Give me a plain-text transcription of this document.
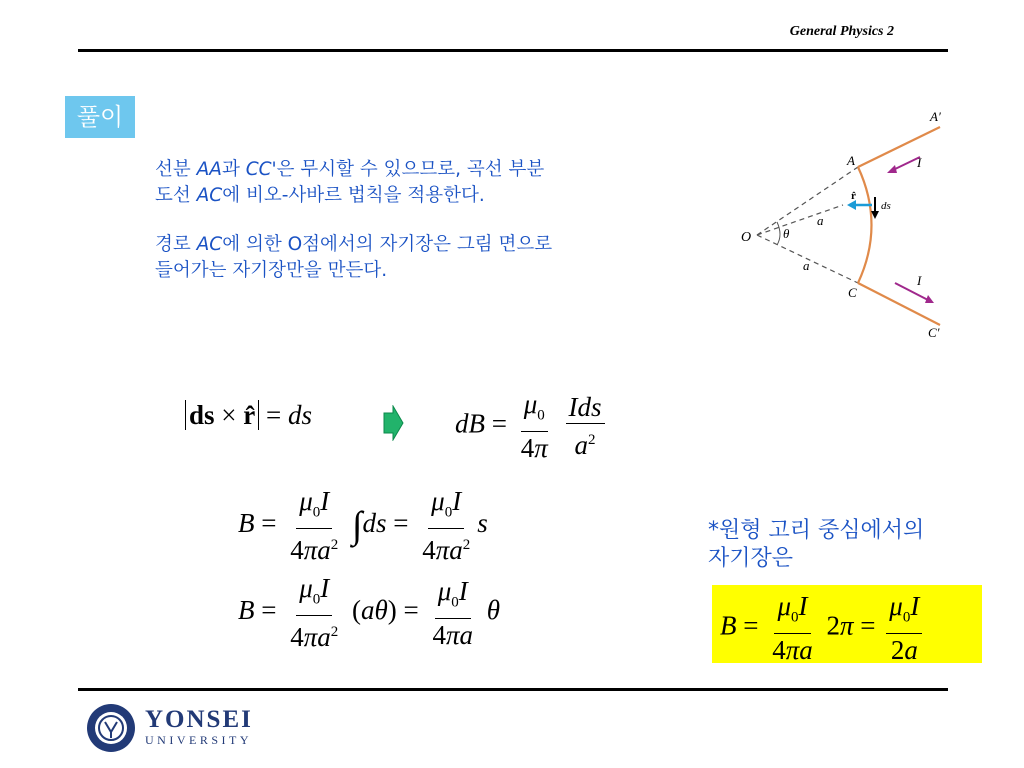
General Physics 2
풀이
선분 AA과 CC'은 무시할 수 있으므로, 곡선 부분
도선 AC에 비오-사바르 법칙을 적용한다.
경로 AC에 의한 O점에서의 자기장은 그림 면으로
들어가는 자기장만을 만든다.
O
A
A′
C
C′
θ
a
a
I
I
ds
r̂
ds × r̂ = ds	dB = $\frac{\mu_0}{4\pi}$
$\frac{\text{Ids}}{a^2}$
$B = \frac{\mu_0I}{4\pi a^2} \int ds = \frac{\mu_0I}{4\pi a^2}$ s
$B = \frac{\mu_0I}{4\pi a^2} (a\theta) = \frac{\mu_0I}{4\pi a}$ θ
*원형 고리 중심에서의
자기장은
$B = \frac{\mu_0I}{4\pi a} 2\pi = \frac{\mu_0I}{2a}$
YONSEI
UNIVERSITY
